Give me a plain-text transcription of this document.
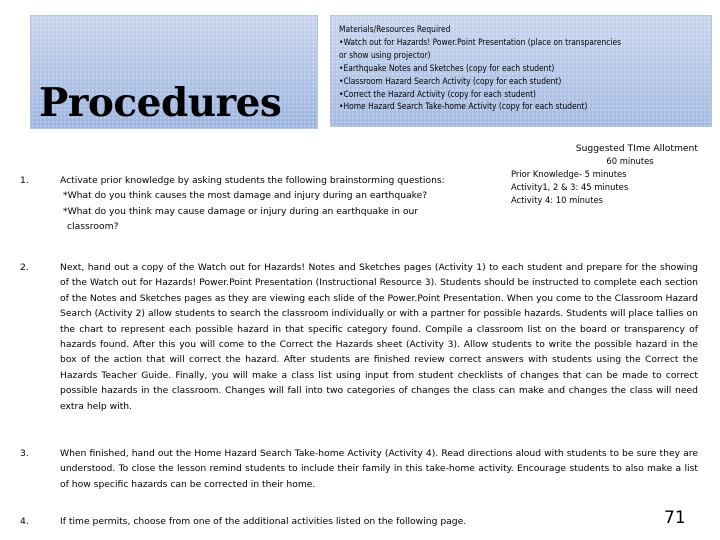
Procedures
Materials/Resources Required
•Watch out for Hazards! Power.Point Presentation (place on transparencies
or show using projector)
•Earthquake Notes and Sketches (copy for each student)
•Classroom Hazard Search Activity (copy for each student)
•Correct the Hazard Activity (copy for each student)
•Home Hazard Search Take-home Activity (copy for each student)
Suggested TIme Allotment
60 minutes
Prior Knowledge- 5 minutes
Activity1, 2 & 3: 45 minutes
Activity 4: 10 minutes
1.	Activate prior knowledge by asking students the following brainstorming questions:
*What do you think causes the most damage and injury during an earthquake?
*What do you think may cause damage or injury during an earthquake in our
classroom?
2.	Next, hand out a copy of the Watch out for Hazards! Notes and Sketches pages (Activity 1) to each student and prepare for the showing of the Watch out for Hazards! Power.Point Presentation (Instructional Resource 3). Students should be instructed to complete each section of the Notes and Sketches pages as they are viewing each slide of the Power.Point Presentation. When you come to the Classroom Hazard Search (Activity 2) allow students to search the classroom individually or with a partner for possible hazards. Students will place tallies on the chart to represent each possible hazard in that specific category found. Compile a classroom list on the board or transparency of hazards found. After this you will come to the Correct the Hazards sheet (Activity 3). Allow students to write the possible hazard in the box of the action that will correct the hazard. After students are finished review correct answers with students using the Correct the Hazards Teacher Guide. Finally, you will make a class list using input from student checklists of changes that can be made to correct possible hazards in the classroom. Changes will fall into two categories of changes the class can make and changes the class will need extra help with.
3.	When finished, hand out the Home Hazard Search Take-home Activity (Activity 4). Read directions aloud with students to be sure they are understood. To close the lesson remind students to include their family in this take-home activity. Encourage students to also make a list of how specific hazards can be corrected in their home.
4.	If time permits, choose from one of the additional activities listed on the following page.	71
